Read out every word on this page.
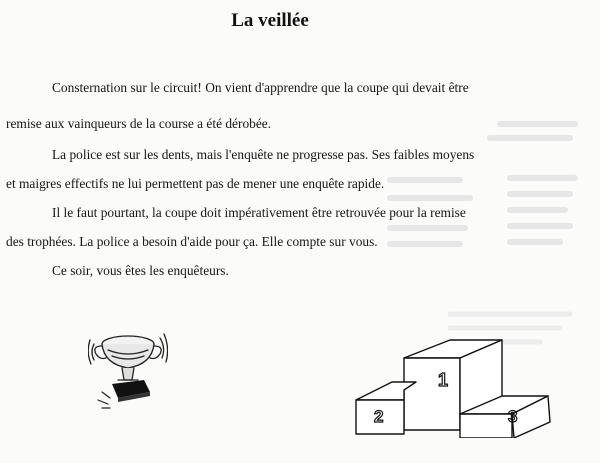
La veillée
Consternation sur le circuit! On vient d'apprendre que la coupe qui devait être
remise aux vainqueurs de la course a été dérobée.
La police est sur les dents, mais l'enquête ne progresse pas. Ses faibles moyens
et maigres effectifs ne lui permettent pas de mener une enquête rapide.
Il le faut pourtant, la coupe doit impérativement être retrouvée pour la remise
des trophées. La police a besoin d'aide pour ça. Elle compte sur vous.
Ce soir, vous êtes les enquêteurs.
1
2	3
